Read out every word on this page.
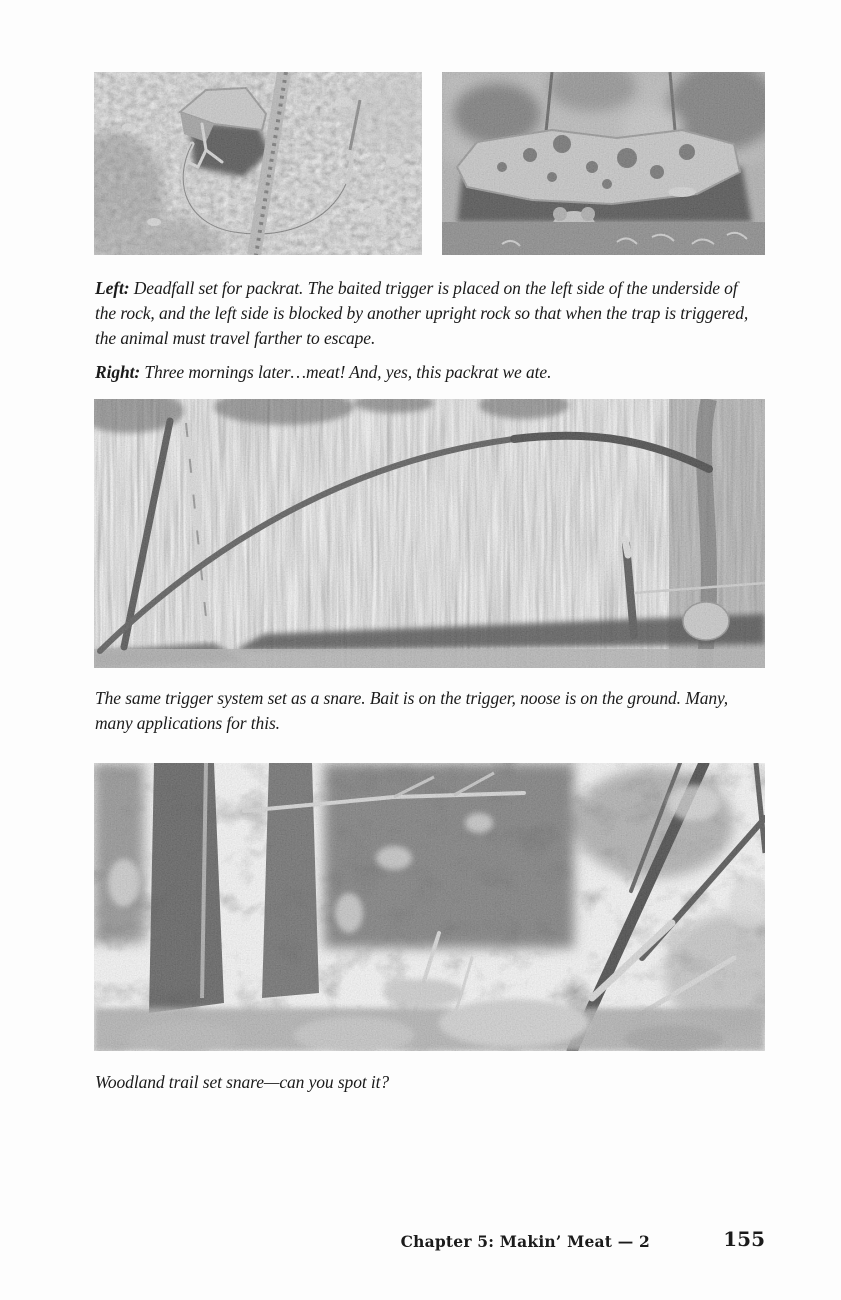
Left: Deadfall set for packrat. The baited trigger is placed on the left side of the underside of the rock, and the left side is blocked by another upright rock so that when the trap is triggered, the animal must travel farther to escape.

Right: Three mornings later…meat! And, yes, this packrat we ate.

The same trigger system set as a snare. Bait is on the trigger, noose is on the ground. Many, many applications for this.

Woodland trail set snare—can you spot it?

Chapter 5: Makin’ Meat — 2	155
